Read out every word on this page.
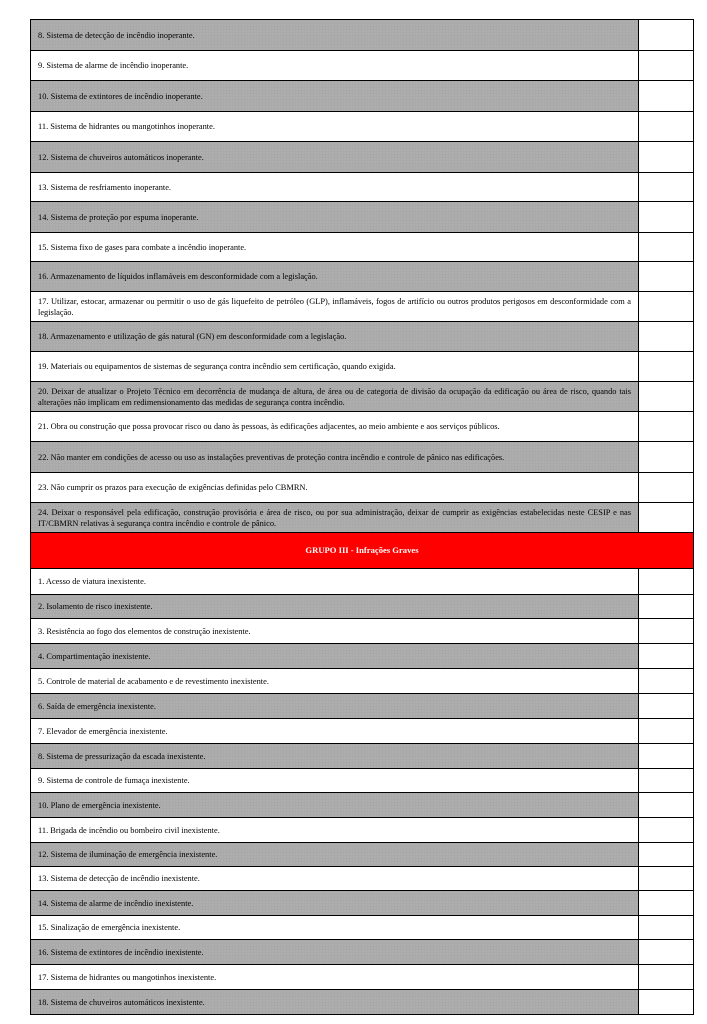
8. Sistema de detecção de incêndio inoperante.	
9. Sistema de alarme de incêndio inoperante.	
10. Sistema de extintores de incêndio inoperante.	
11. Sistema de hidrantes ou mangotinhos inoperante.	
12. Sistema de chuveiros automáticos inoperante.	
13. Sistema de resfriamento inoperante.	
14. Sistema de proteção por espuma inoperante.	
15. Sistema fixo de gases para combate a incêndio inoperante.	
16. Armazenamento de líquidos inflamáveis em desconformidade com a legislação.	
17. Utilizar, estocar, armazenar ou permitir o uso de gás liquefeito de petróleo (GLP), inflamáveis, fogos de artifício ou outros produtos perigosos em desconformidade com a legislação.	
18. Armazenamento e utilização de gás natural (GN) em desconformidade com a legislação.	
19. Materiais ou equipamentos de sistemas de segurança contra incêndio sem certificação, quando exigida.	
20. Deixar de atualizar o Projeto Técnico em decorrência de mudança de altura, de área ou de categoria de divisão da ocupação da edificação ou área de risco, quando tais alterações não implicam em redimensionamento das medidas de segurança contra incêndio.	
21. Obra ou construção que possa provocar risco ou dano às pessoas, às edificações adjacentes, ao meio ambiente e aos serviços públicos.	
22. Não manter em condições de acesso ou uso as instalações preventivas de proteção contra incêndio e controle de pânico nas edificações.	
23. Não cumprir os prazos para execução de exigências definidas pelo CBMRN.	
24. Deixar o responsável pela edificação, construção provisória e área de risco, ou por sua administração, deixar de cumprir as exigências estabelecidas neste CESIP e nas IT/CBMRN relativas à segurança contra incêndio e controle de pânico.	
GRUPO III - Infrações Graves	
1. Acesso de viatura inexistente.	
2. Isolamento de risco inexistente.	
3. Resistência ao fogo dos elementos de construção inexistente.	
4. Compartimentação inexistente.	
5. Controle de material de acabamento e de revestimento inexistente.	
6. Saída de emergência inexistente.	
7. Elevador de emergência inexistente.	
8. Sistema de pressurização da escada inexistente.	
9. Sistema de controle de fumaça inexistente.	
10. Plano de emergência inexistente.	
11. Brigada de incêndio ou bombeiro civil inexistente.	
12. Sistema de iluminação de emergência inexistente.	
13. Sistema de detecção de incêndio inexistente.	
14. Sistema de alarme de incêndio inexistente.	
15. Sinalização de emergência inexistente.	
16. Sistema de extintores de incêndio inexistente.	
17. Sistema de hidrantes ou mangotinhos inexistente.	
18. Sistema de chuveiros automáticos inexistente.	
